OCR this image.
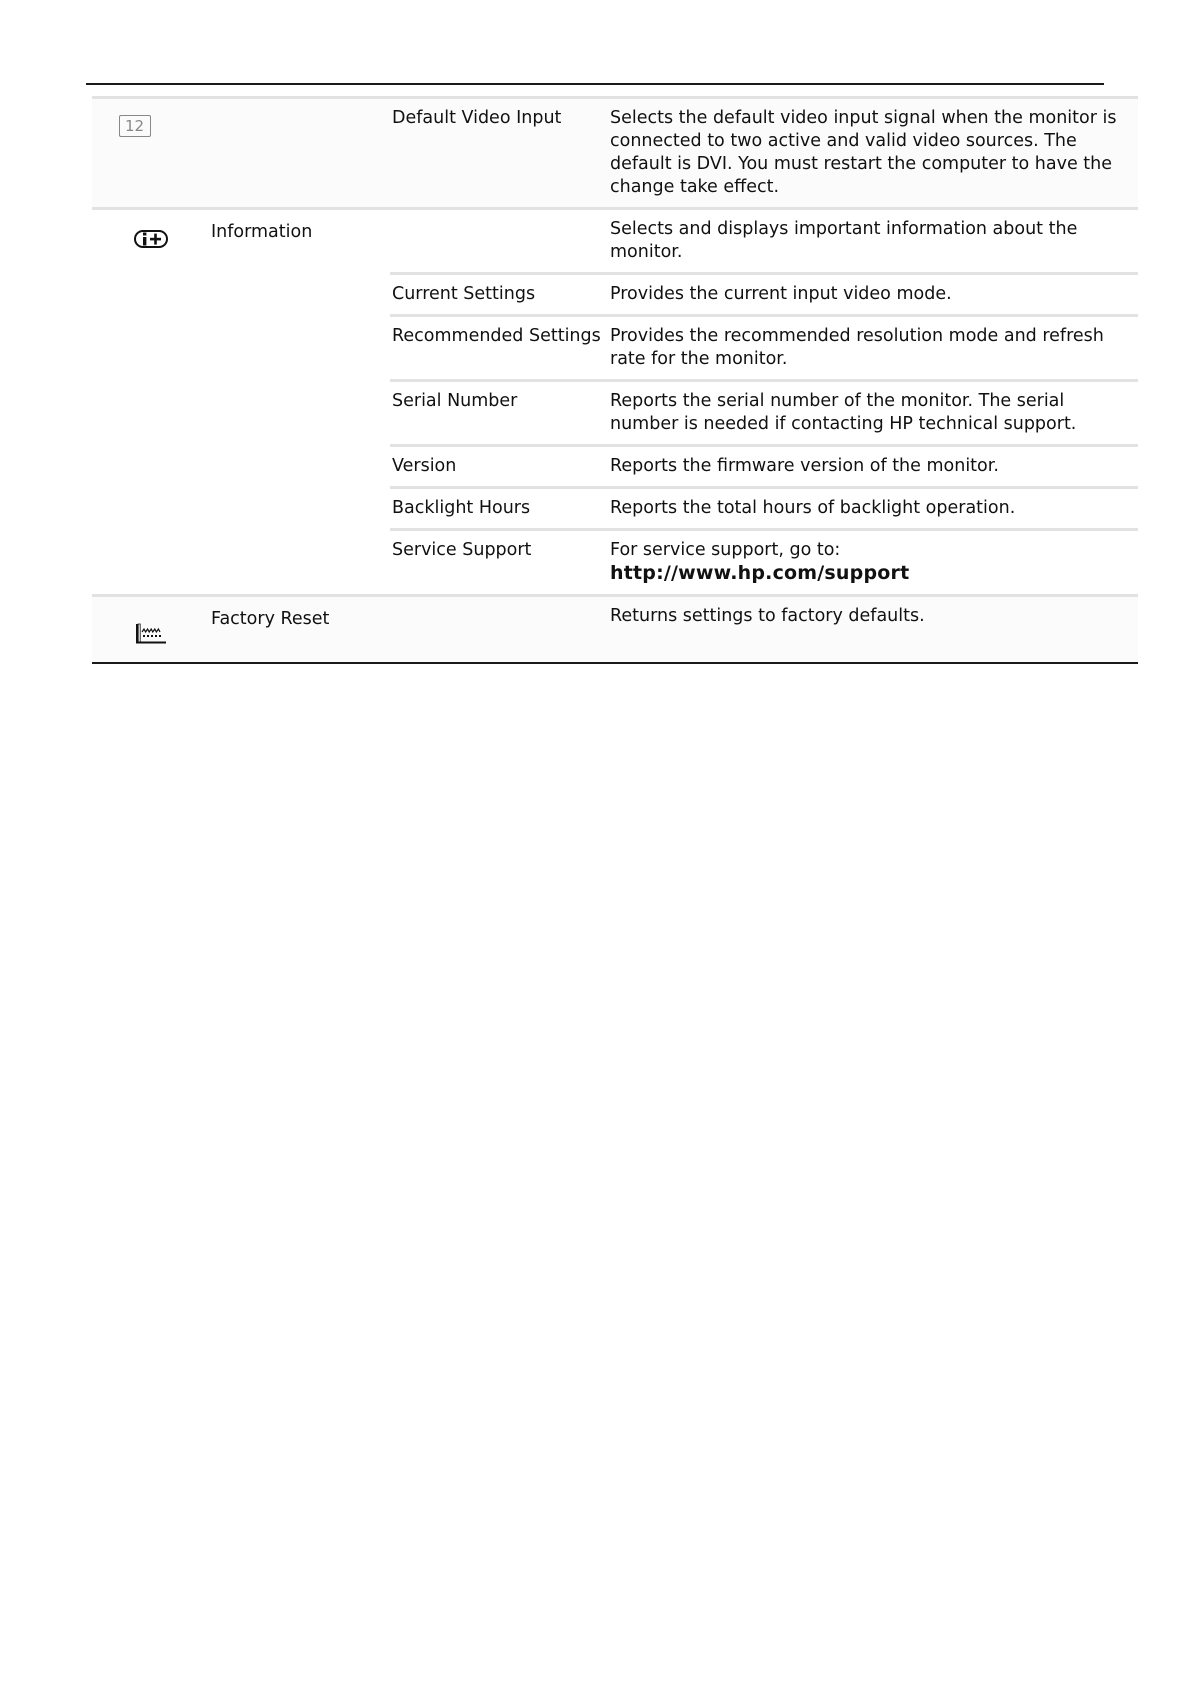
12		Default Video Input	Selects the default video input signal when the monitor is connected to two active and valid video sources. The default is DVI. You must restart the computer to have the change take effect.
	Information		Selects and displays important information about the monitor.
		Current Settings	Provides the current input video mode.
		Recommended Settings	Provides the recommended resolution mode and refresh rate for the monitor.
		Serial Number	Reports the serial number of the monitor. The serial number is needed if contacting HP technical support.
		Version	Reports the firmware version of the monitor.
		Backlight Hours	Reports the total hours of backlight operation.
		Service Support	For service support, go to: http://www.hp.com/support
	Factory Reset		Returns settings to factory defaults.
